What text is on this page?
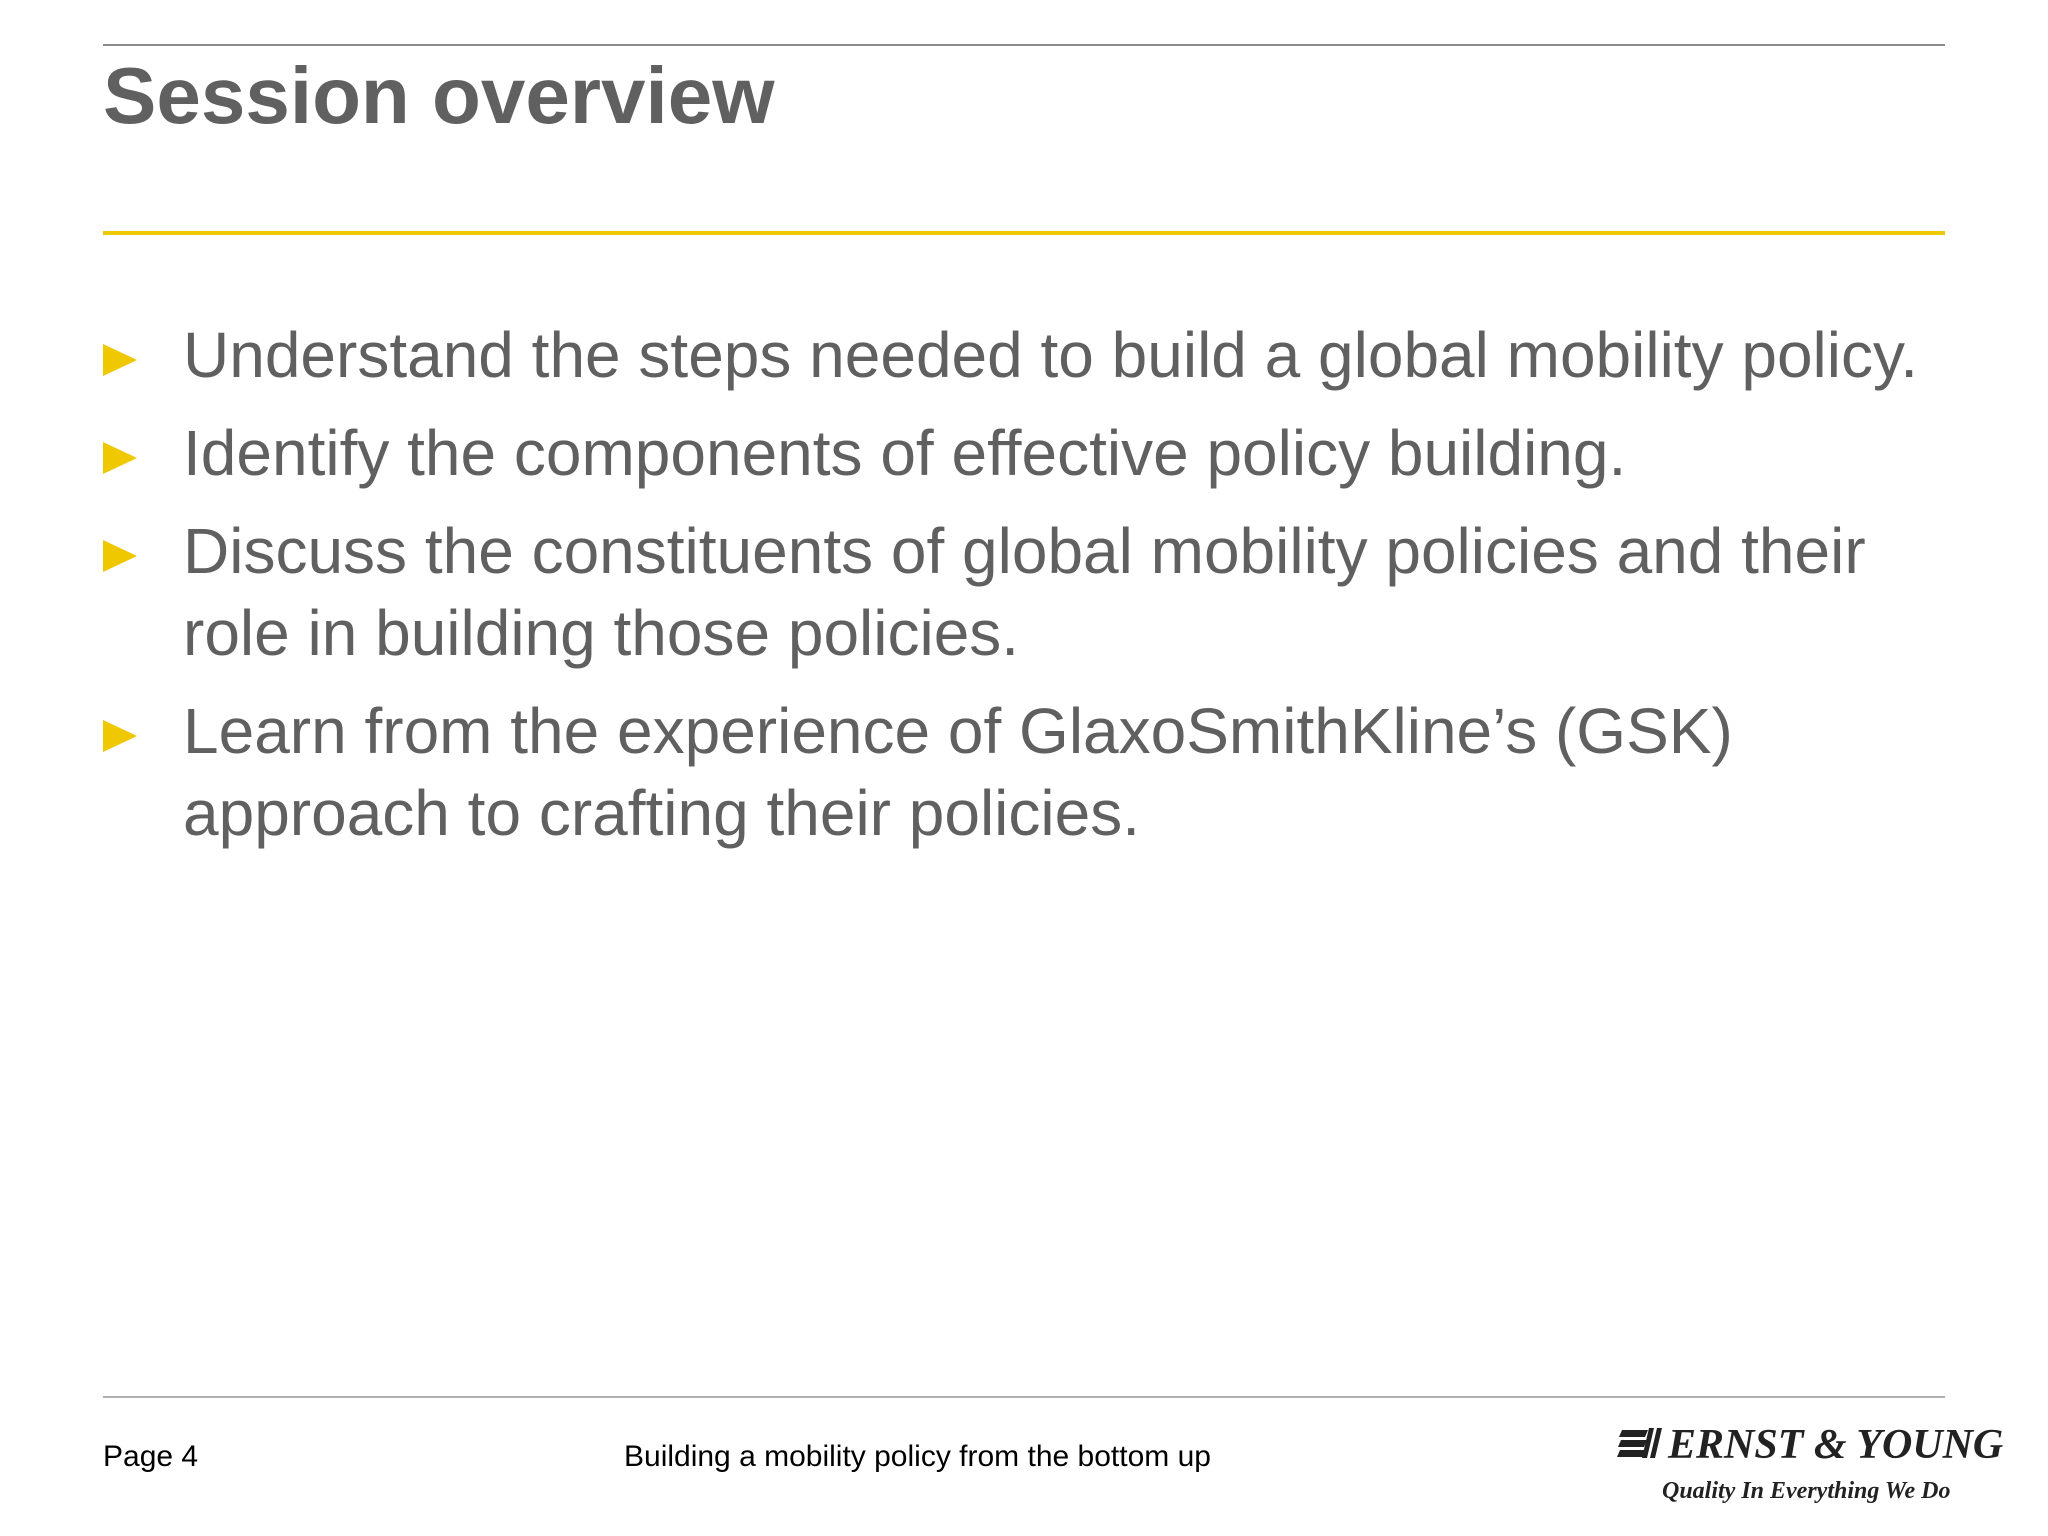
Session overview
Understand the steps needed to build a global mobility policy.
Identify the components of effective policy building.
Discuss the constituents of global mobility policies and their role in building those policies.
Learn from the experience of GlaxoSmithKline’s (GSK) approach to crafting their policies.
Page 4	Building a mobility policy from the bottom up	ERNST & YOUNG
Quality In Everything We Do
